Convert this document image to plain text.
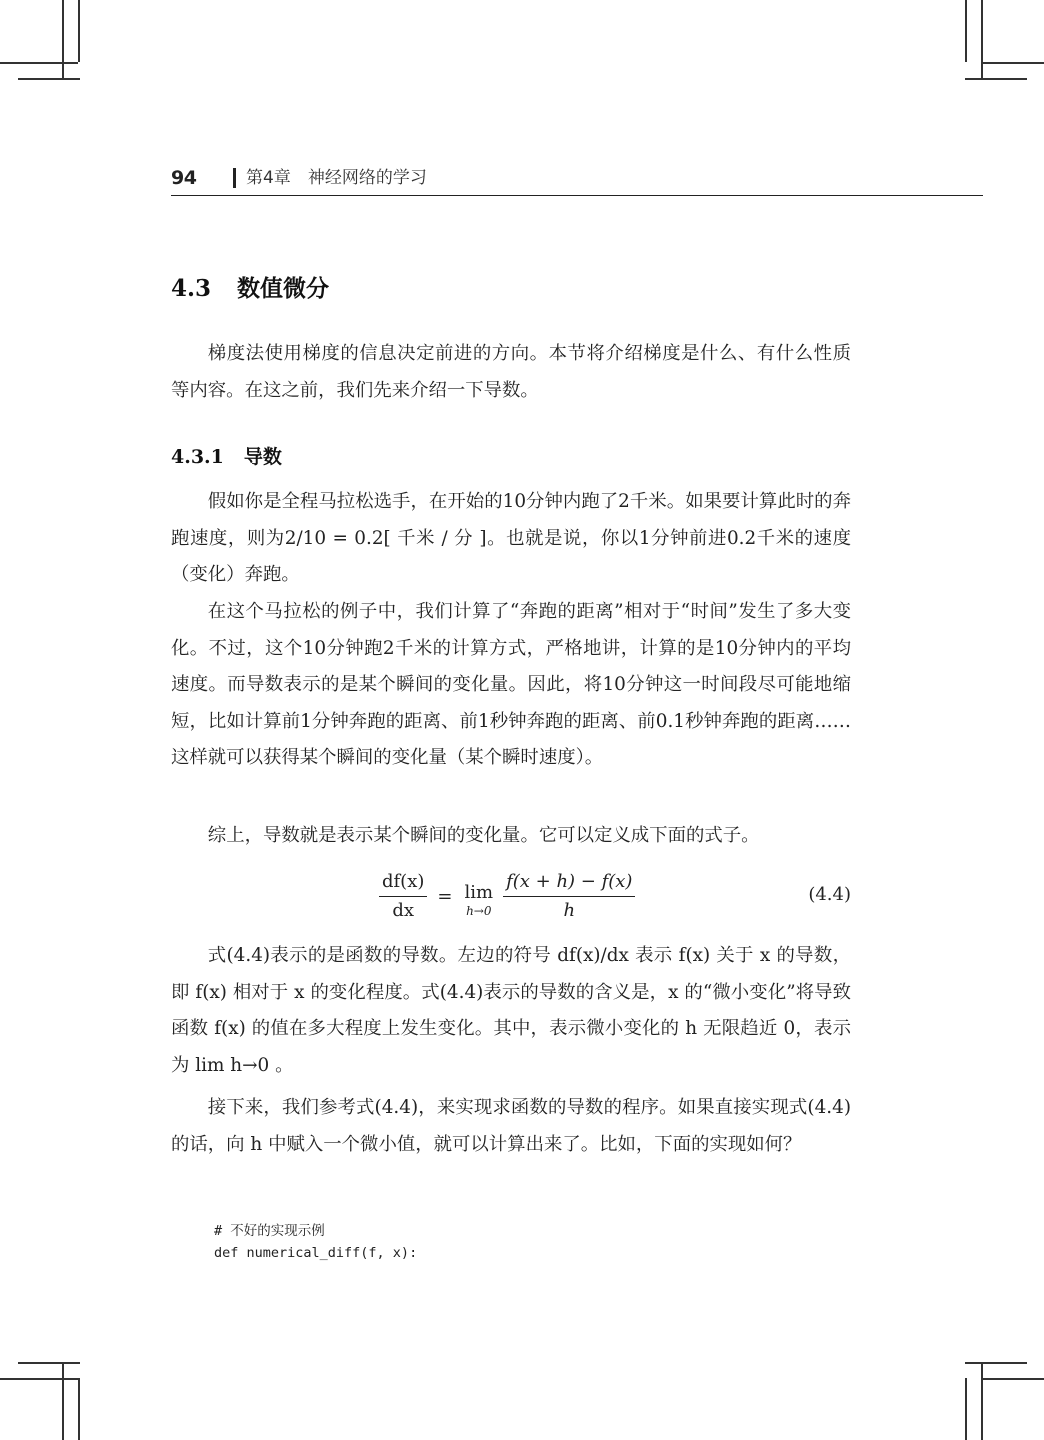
94	第4章　神经网络的学习
4.3 数值微分
梯度法使用梯度的信息决定前进的方向。本节将介绍梯度是什么、有什么性质等内容。在这之前，我们先来介绍一下导数。
4.3.1 导数
假如你是全程马拉松选手，在开始的10分钟内跑了2千米。如果要计算此时的奔跑速度，则为2/10 = 0.2[ 千米 / 分 ]。也就是说，你以1分钟前进0.2千米的速度（变化）奔跑。
在这个马拉松的例子中，我们计算了“奔跑的距离”相对于“时间”发生了多大变化。不过，这个10分钟跑2千米的计算方式，严格地讲，计算的是10分钟内的平均速度。而导数表示的是某个瞬间的变化量。因此，将10分钟这一时间段尽可能地缩短，比如计算前1分钟奔跑的距离、前1秒钟奔跑的距离、前0.1秒钟奔跑的距离……这样就可以获得某个瞬间的变化量（某个瞬时速度）。
综上，导数就是表示某个瞬间的变化量。它可以定义成下面的式子。
$\frac{df(x)}{dx} = \lim$
$h\to 0 \frac{f(x + h) - f(x)}{h}$	(4.4)
式(4.4)表示的是函数的导数。左边的符号 df(x)/dx 表示 f(x) 关于 x 的导数，即 f(x) 相对于 x 的变化程度。式(4.4)表示的导数的含义是，x 的“微小变化”将导致函数 f(x) 的值在多大程度上发生变化。其中，表示微小变化的 h 无限趋近 0，表示为 lim h→0 。
接下来，我们参考式(4.4)，来实现求函数的导数的程序。如果直接实现式(4.4)的话，向 h 中赋入一个微小值，就可以计算出来了。比如，下面的实现如何？
# 不好的实现示例
def numerical_diff(f, x):
